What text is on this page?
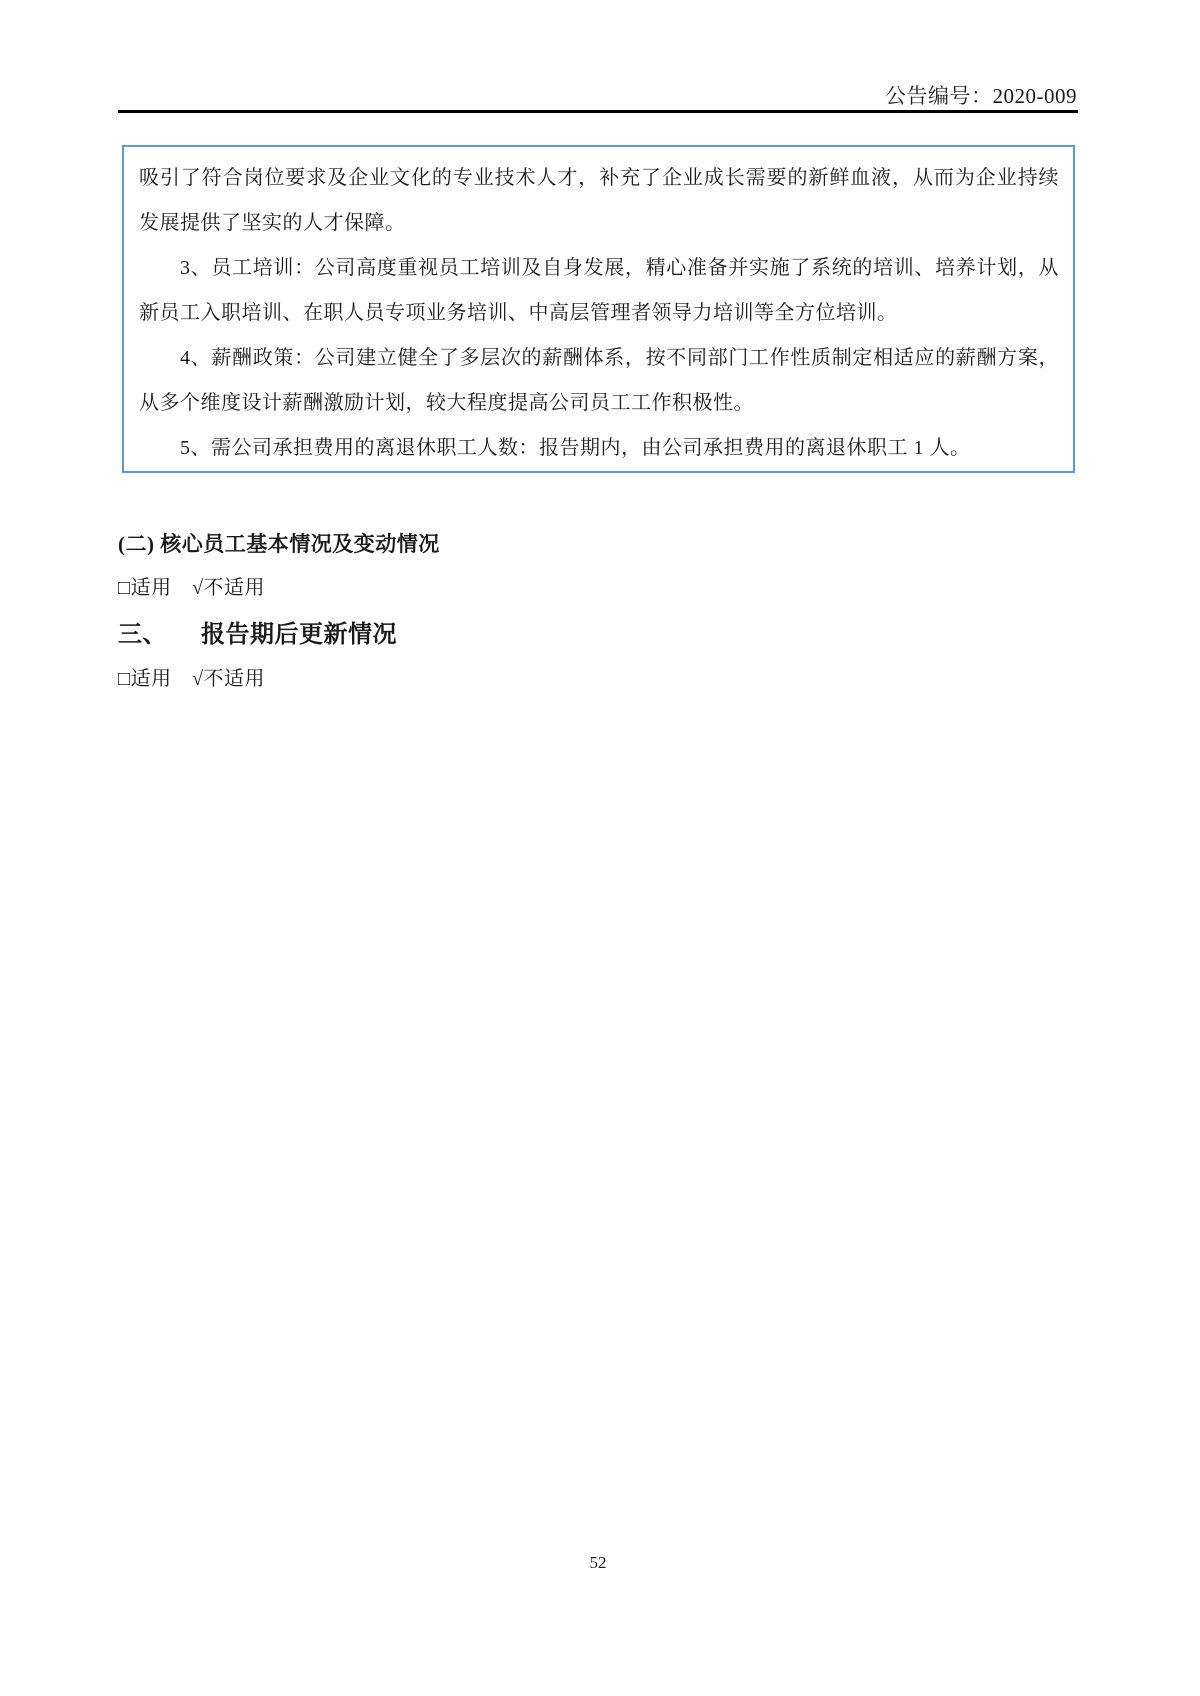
公告编号：2020-009
吸引了符合岗位要求及企业文化的专业技术人才，补充了企业成长需要的新鲜血液，从而为企业持续
发展提供了坚实的人才保障。
3、员工培训：公司高度重视员工培训及自身发展，精心准备并实施了系统的培训、培养计划，从
新员工入职培训、在职人员专项业务培训、中高层管理者领导力培训等全方位培训。
4、薪酬政策：公司建立健全了多层次的薪酬体系，按不同部门工作性质制定相适应的薪酬方案，
从多个维度设计薪酬激励计划，较大程度提高公司员工工作积极性。
5、需公司承担费用的离退休职工人数：报告期内，由公司承担费用的离退休职工 1 人。
(二) 核心员工基本情况及变动情况
□适用　√不适用
三、 报告期后更新情况
□适用　√不适用
52
